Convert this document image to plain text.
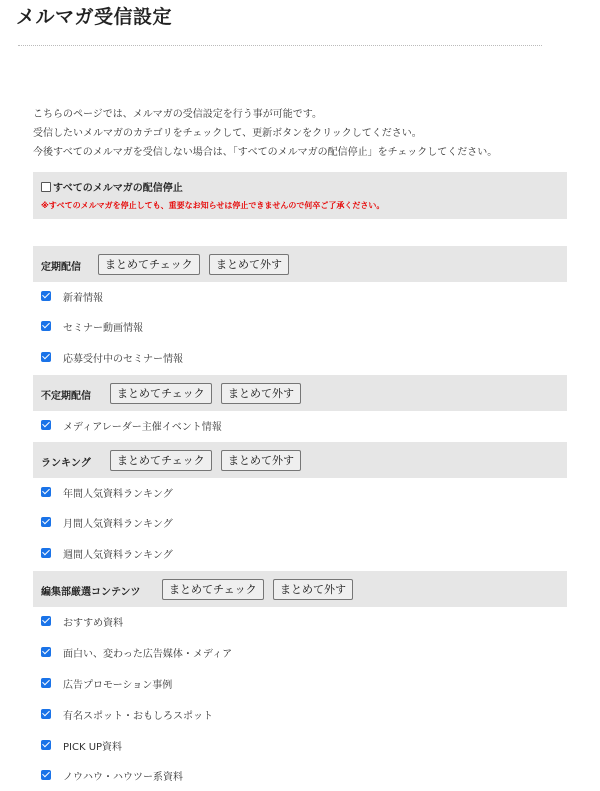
メルマガ受信設定

こちらのページでは、メルマガの受信設定を行う事が可能です。

受信したいメルマガのカテゴリをチェックして、更新ボタンをクリックしてください。

今後すべてのメルマガを受信しない場合は、「すべてのメルマガの配信停止」をチェックしてください。

すべてのメルマガの配信停止
※すべてのメルマガを停止しても、重要なお知らせは停止できませんので何卒ご了承ください。
定期配信	まとめてチェック	まとめて外す
新着情報
セミナー動画情報
応募受付中のセミナー情報
不定期配信	まとめてチェック	まとめて外す
メディアレーダー主催イベント情報
ランキング	まとめてチェック	まとめて外す
年間人気資料ランキング
月間人気資料ランキング
週間人気資料ランキング
編集部厳選コンテンツ	まとめてチェック	まとめて外す
おすすめ資料
面白い、変わった広告媒体・メディア
広告プロモーション事例
有名スポット・おもしろスポット
PICK UP資料
ノウハウ・ハウツー系資料
